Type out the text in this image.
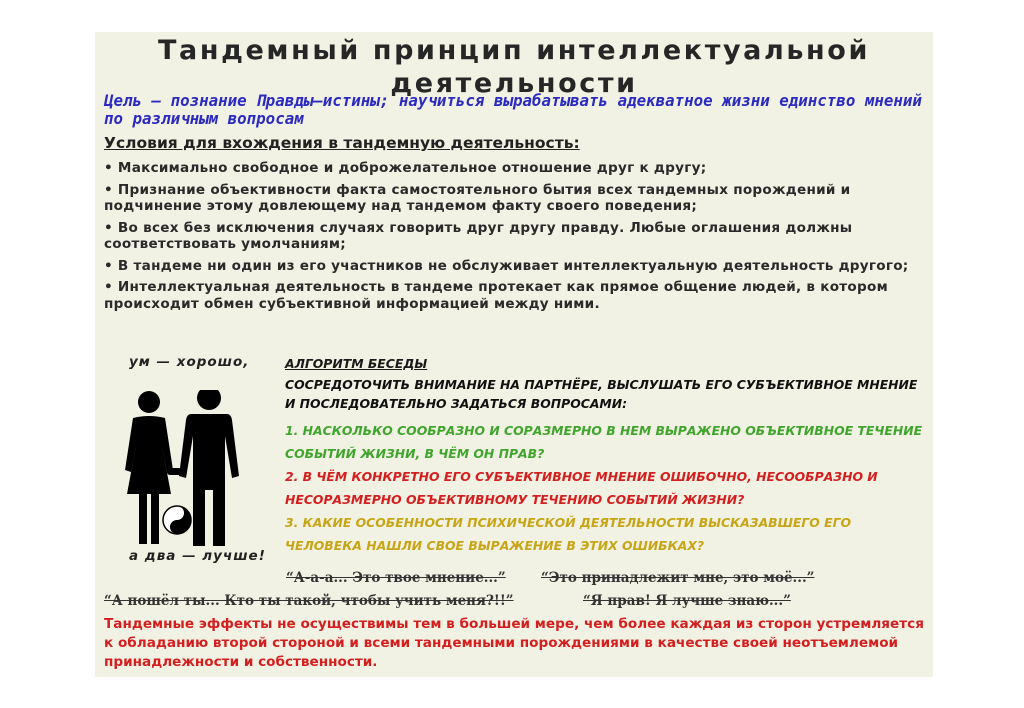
Тандемный принцип интеллектуальной деятельности

Цель – познание Правды–истины; научиться вырабатывать адекватное жизни единство мнений по различным вопросам

Условия для вхождения в тандемную деятельность:

• Максимально свободное и доброжелательное отношение друг к другу;
• Признание объективности факта самостоятельного бытия всех тандемных порождений и подчинение этому довлеющему над тандемом факту своего поведения;
• Во всех без исключения случаях говорить друг другу правду. Любые оглашения должны соответствовать умолчаниям;
• В тандеме ни один из его участников не обслуживает интеллектуальную деятельность другого;
• Интеллектуальная деятельность в тандеме протекает как прямое общение людей, в котором происходит обмен субъективной информацией между ними.
ум — хорошо,
а два — лучше!

АЛГОРИТМ БЕСЕДЫ

СОСРЕДОТОЧИТЬ ВНИМАНИЕ НА ПАРТНЁРЕ, ВЫСЛУШАТЬ ЕГО СУБЪЕКТИВНОЕ МНЕНИЕ И ПОСЛЕДОВАТЕЛЬНО ЗАДАТЬСЯ ВОПРОСАМИ:

1. НАСКОЛЬКО СООБРАЗНО И СОРАЗМЕРНО В НЕМ ВЫРАЖЕНО ОБЪЕКТИВНОЕ ТЕЧЕНИЕ СОБЫТИЙ ЖИЗНИ, В ЧЁМ ОН ПРАВ?

2. В ЧЁМ КОНКРЕТНО ЕГО СУБЪЕКТИВНОЕ МНЕНИЕ ОШИБОЧНО, НЕСООБРАЗНО И НЕСОРАЗМЕРНО ОБЪЕКТИВНОМУ ТЕЧЕНИЮ СОБЫТИЙ ЖИЗНИ?

3. КАКИЕ ОСОБЕННОСТИ ПСИХИЧЕСКОЙ ДЕЯТЕЛЬНОСТИ ВЫСКАЗАВШЕГО ЕГО ЧЕЛОВЕКА НАШЛИ СВОЕ ВЫРАЖЕНИЕ В ЭТИХ ОШИБКАХ?

“А-а-а... Это твое мнение...”	“Это принадлежит мне, это моё...”
“А пошёл ты... Кто ты такой, чтобы учить меня?!!”	“Я прав! Я лучше знаю...”

Тандемные эффекты не осуществимы тем в большей мере, чем более каждая из сторон устремляется к обладанию второй стороной и всеми тандемными порождениями в качестве своей неотъемлемой принадлежности и собственности.
